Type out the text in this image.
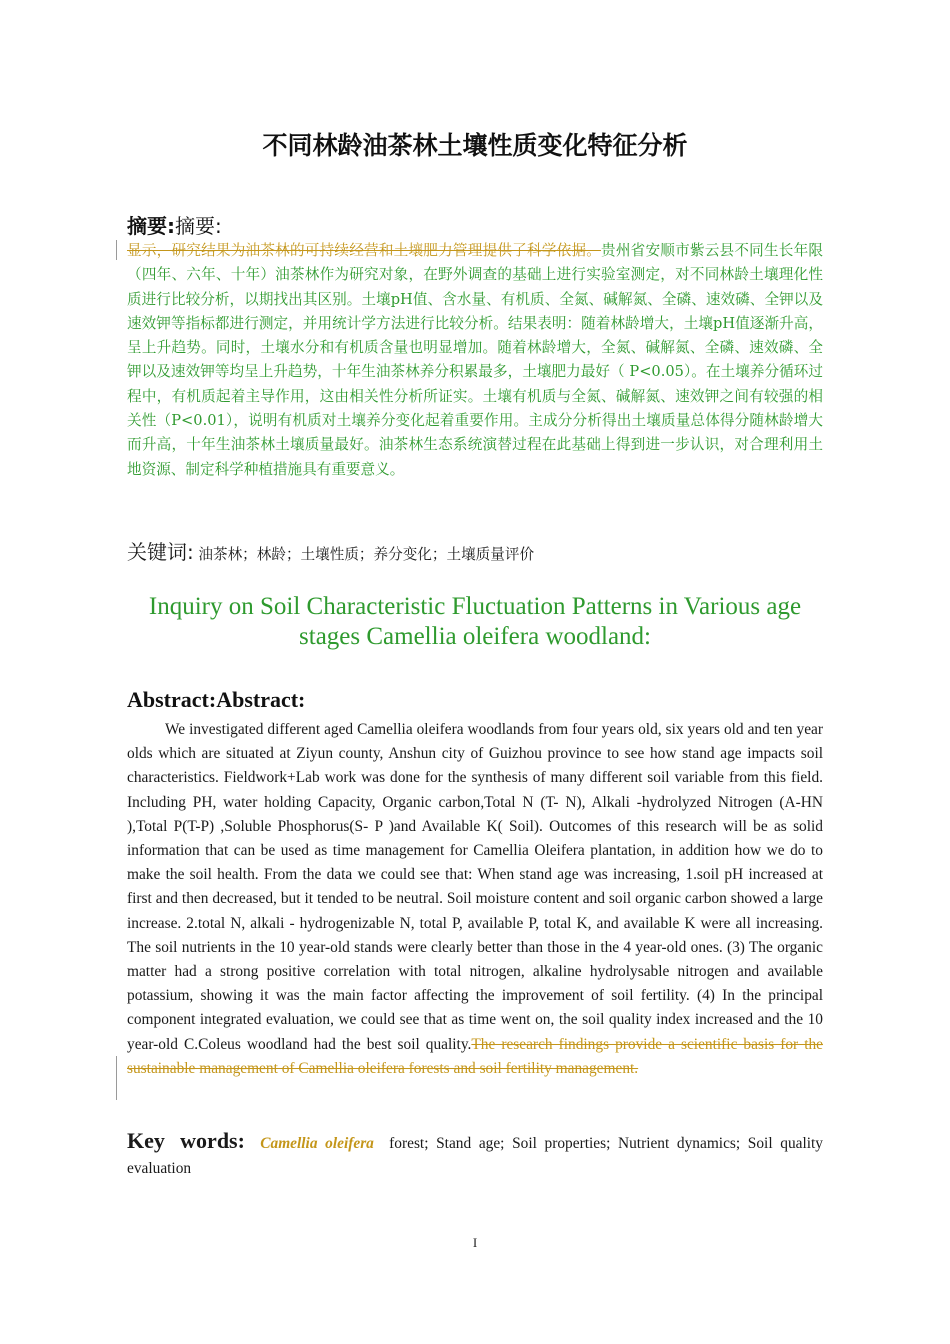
不同林龄油茶林土壤性质变化特征分析
摘要:摘要:
显示，研究结果为油茶林的可持续经营和土壤肥力管理提供了科学依据。贵州省安顺市紫云县不同生长年限（四年、六年、十年）油茶林作为研究对象，在野外调查的基础上进行实验室测定，对不同林龄土壤理化性质进行比较分析，以期找出其区别。土壤pH值、含水量、有机质、全氮、碱解氮、全磷、速效磷、全钾以及速效钾等指标都进行测定，并用统计学方法进行比较分析。结果表明：随着林龄增大，土壤pH值逐渐升高，呈上升趋势。同时，土壤水分和有机质含量也明显增加。随着林龄增大，全氮、碱解氮、全磷、速效磷、全钾以及速效钾等均呈上升趋势，十年生油茶林养分积累最多，土壤肥力最好（ P<0.05）。在土壤养分循环过程中，有机质起着主导作用，这由相关性分析所证实。土壤有机质与全氮、碱解氮、速效钾之间有较强的相关性（P<0.01），说明有机质对土壤养分变化起着重要作用。主成分分析得出土壤质量总体得分随林龄增大而升高，十年生油茶林土壤质量最好。油茶林生态系统演替过程在此基础上得到进一步认识，对合理利用土地资源、制定科学种植措施具有重要意义。
关键词: 油茶林；林龄；土壤性质；养分变化；土壤质量评价
Inquiry on Soil Characteristic Fluctuation Patterns in Various age stages Camellia oleifera woodland:
Abstract:Abstract:
We investigated different aged Camellia oleifera woodlands from four years old, six years old and ten year olds which are situated at Ziyun county, Anshun city of Guizhou province to see how stand age impacts soil characteristics. Fieldwork+Lab work was done for the synthesis of many different soil variable from this field. Including PH, water holding Capacity, Organic carbon,Total N (T- N), Alkali -hydrolyzed Nitrogen (A-HN ),Total P(T-P) ,Soluble Phosphorus(S- P )and Available K( Soil). Outcomes of this research will be as solid information that can be used as time management for Camellia Oleifera plantation, in addition how we do to make the soil health. From the data we could see that: When stand age was increasing, 1.soil pH increased at first and then decreased, but it tended to be neutral. Soil moisture content and soil organic carbon showed a large increase. 2.total N, alkali - hydrogenizable N, total P, available P, total K, and available K were all increasing. The soil nutrients in the 10 year-old stands were clearly better than those in the 4 year-old ones. (3) The organic matter had a strong positive correlation with total nitrogen, alkaline hydrolysable nitrogen and available potassium, showing it was the main factor affecting the improvement of soil fertility. (4) In the principal component integrated evaluation, we could see that as time went on, the soil quality index increased and the 10 year-old C.Coleus woodland had the best soil quality.The research findings provide a scientific basis for the sustainable management of Camellia oleifera forests and soil fertility management.
Key words: Camellia oleifera  forest; Stand age; Soil properties; Nutrient dynamics; Soil quality evaluation
I
